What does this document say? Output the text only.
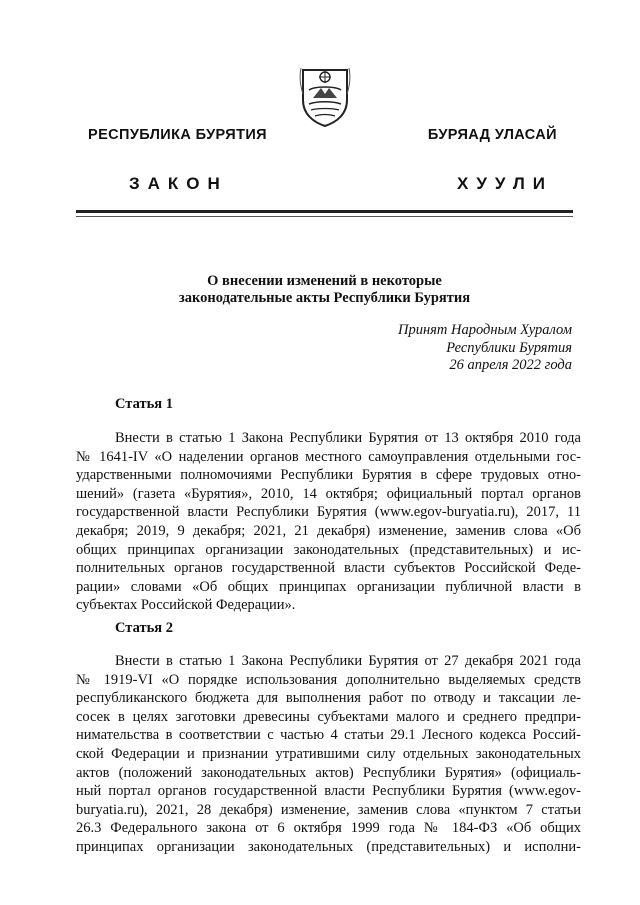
РЕСПУБЛИКА БУРЯТИЯ	БУРЯАД УЛАСАЙ
ЗАКОН	ХУУЛИ
О внесении изменений в некоторые
законодательные акты Республики Бурятия
Принят Народным Хуралом
Республики Бурятия
26 апреля 2022 года
Статья 1
Внести в статью 1 Закона Республики Бурятия от 13 октября 2010 года
№ 1641-IV «О наделении органов местного самоуправления отдельными гос-
ударственными полномочиями Республики Бурятия в сфере трудовых отно-
шений» (газета «Бурятия», 2010, 14 октября; официальный портал органов
государственной власти Республики Бурятия (www.egov-buryatia.ru), 2017, 11
декабря; 2019, 9 декабря; 2021, 21 декабря) изменение, заменив слова «Об
общих принципах организации законодательных (представительных) и ис-
полнительных органов государственной власти субъектов Российской Феде-
рации» словами «Об общих принципах организации публичной власти в
субъектах Российской Федерации».
Статья 2
Внести в статью 1 Закона Республики Бурятия от 27 декабря 2021 года
№ 1919-VI «О порядке использования дополнительно выделяемых средств
республиканского бюджета для выполнения работ по отводу и таксации ле-
сосек в целях заготовки древесины субъектами малого и среднего предпри-
нимательства в соответствии с частью 4 статьи 29.1 Лесного кодекса Россий-
ской Федерации и признании утратившими силу отдельных законодательных
актов (положений законодательных актов) Республики Бурятия» (официаль-
ный портал органов государственной власти Республики Бурятия (www.egov-
buryatia.ru), 2021, 28 декабря) изменение, заменив слова «пунктом 7 статьи
26.3 Федерального закона от 6 октября 1999 года № 184-ФЗ «Об общих
принципах организации законодательных (представительных) и исполни-
